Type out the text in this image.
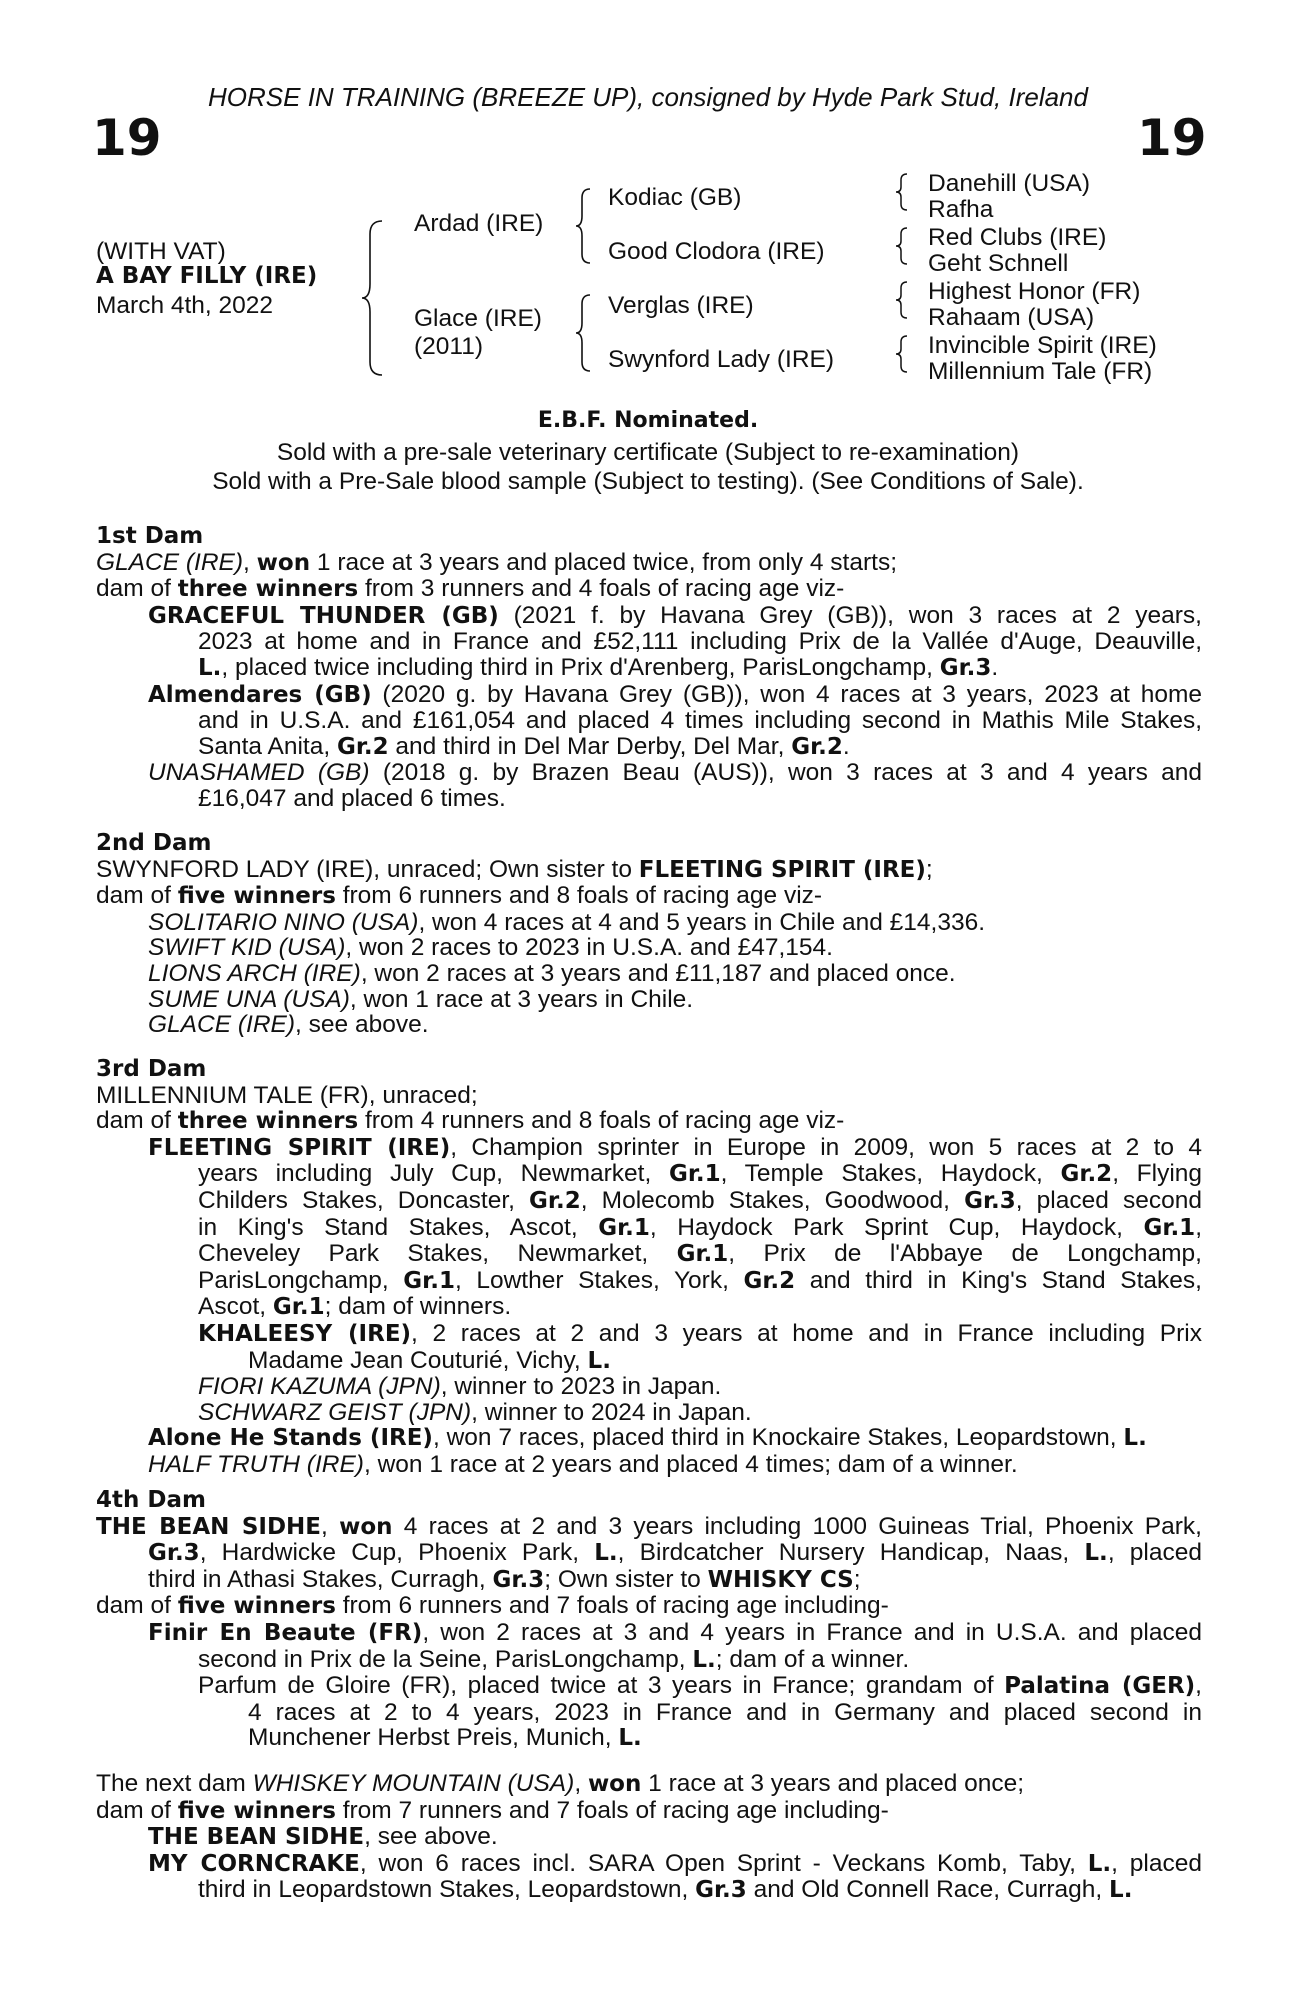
HORSE IN TRAINING (BREEZE UP), consigned by Hyde Park Stud, Ireland
19	19
(WITH VAT)
A BAY FILLY (IRE)
March 4th, 2022
Ardad (IRE)
Glace (IRE)
(2011)
Kodiac (GB)
Good Clodora (IRE)
Verglas (IRE)
Swynford Lady (IRE)
Danehill (USA)
Rafha
Red Clubs (IRE)
Geht Schnell
Highest Honor (FR)
Rahaam (USA)
Invincible Spirit (IRE)
Millennium Tale (FR)
E.B.F. Nominated.
Sold with a pre-sale veterinary certificate (Subject to re-examination)
Sold with a Pre-Sale blood sample (Subject to testing). (See Conditions of Sale).

1st Dam

GLACE (IRE), won 1 race at 3 years and placed twice, from only 4 starts;

dam of three winners from 3 runners and 4 foals of racing age viz-

GRACEFUL THUNDER (GB) (2021 f. by Havana Grey (GB)), won 3 races at 2 years,

2023 at home and in France and £52,111 including Prix de la Vallée d'Auge, Deauville,

L., placed twice including third in Prix d'Arenberg, ParisLongchamp, Gr.3.

Almendares (GB) (2020 g. by Havana Grey (GB)), won 4 races at 3 years, 2023 at home

and in U.S.A. and £161,054 and placed 4 times including second in Mathis Mile Stakes,

Santa Anita, Gr.2 and third in Del Mar Derby, Del Mar, Gr.2.

UNASHAMED (GB) (2018 g. by Brazen Beau (AUS)), won 3 races at 3 and 4 years and

£16,047 and placed 6 times.

2nd Dam

SWYNFORD LADY (IRE), unraced; Own sister to FLEETING SPIRIT (IRE);

dam of five winners from 6 runners and 8 foals of racing age viz-

SOLITARIO NINO (USA), won 4 races at 4 and 5 years in Chile and £14,336.

SWIFT KID (USA), won 2 races to 2023 in U.S.A. and £47,154.

LIONS ARCH (IRE), won 2 races at 3 years and £11,187 and placed once.

SUME UNA (USA), won 1 race at 3 years in Chile.

GLACE (IRE), see above.

3rd Dam

MILLENNIUM TALE (FR), unraced;

dam of three winners from 4 runners and 8 foals of racing age viz-

FLEETING SPIRIT (IRE), Champion sprinter in Europe in 2009, won 5 races at 2 to 4

years including July Cup, Newmarket, Gr.1, Temple Stakes, Haydock, Gr.2, Flying

Childers Stakes, Doncaster, Gr.2, Molecomb Stakes, Goodwood, Gr.3, placed second

in King's Stand Stakes, Ascot, Gr.1, Haydock Park Sprint Cup, Haydock, Gr.1,

Cheveley Park Stakes, Newmarket, Gr.1, Prix de l'Abbaye de Longchamp,

ParisLongchamp, Gr.1, Lowther Stakes, York, Gr.2 and third in King's Stand Stakes,

Ascot, Gr.1; dam of winners.

KHALEESY (IRE), 2 races at 2 and 3 years at home and in France including Prix

Madame Jean Couturié, Vichy, L.

FIORI KAZUMA (JPN), winner to 2023 in Japan.

SCHWARZ GEIST (JPN), winner to 2024 in Japan.

Alone He Stands (IRE), won 7 races, placed third in Knockaire Stakes, Leopardstown, L.

HALF TRUTH (IRE), won 1 race at 2 years and placed 4 times; dam of a winner.

4th Dam

THE BEAN SIDHE, won 4 races at 2 and 3 years including 1000 Guineas Trial, Phoenix Park,

Gr.3, Hardwicke Cup, Phoenix Park, L., Birdcatcher Nursery Handicap, Naas, L., placed

third in Athasi Stakes, Curragh, Gr.3; Own sister to WHISKY CS;

dam of five winners from 6 runners and 7 foals of racing age including-

Finir En Beaute (FR), won 2 races at 3 and 4 years in France and in U.S.A. and placed

second in Prix de la Seine, ParisLongchamp, L.; dam of a winner.

Parfum de Gloire (FR), placed twice at 3 years in France; grandam of Palatina (GER),

4 races at 2 to 4 years, 2023 in France and in Germany and placed second in

Munchener Herbst Preis, Munich, L.

The next dam WHISKEY MOUNTAIN (USA), won 1 race at 3 years and placed once;

dam of five winners from 7 runners and 7 foals of racing age including-

THE BEAN SIDHE, see above.

MY CORNCRAKE, won 6 races incl. SARA Open Sprint - Veckans Komb, Taby, L., placed

third in Leopardstown Stakes, Leopardstown, Gr.3 and Old Connell Race, Curragh, L.
